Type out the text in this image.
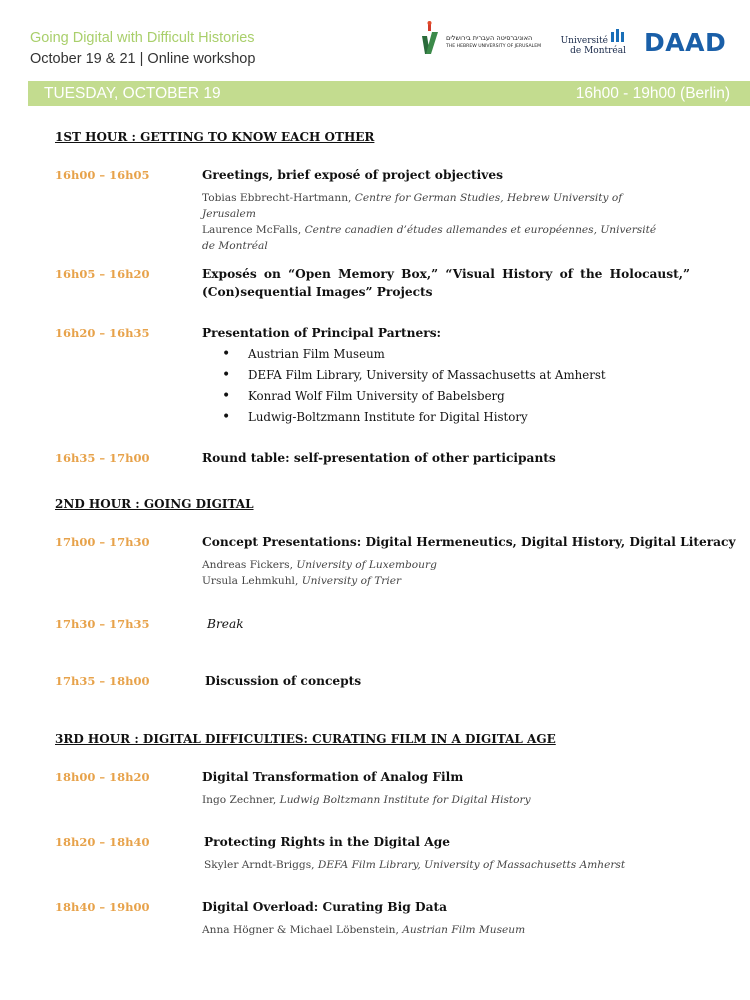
Going Digital with Difficult Histories
October 19 & 21 | Online workshop
האוניברסיטה העברית בירושלים
THE HEBREW UNIVERSITY OF JERUSALEM
Université
de Montréal DAAD
TUESDAY, OCTOBER 19	16h00 - 19h00 (Berlin)
1ST HOUR : GETTING TO KNOW EACH OTHER
16h00 – 16h05	Greetings, brief exposé of project objectives
Tobias Ebbrecht-Hartmann, Centre for German Studies, Hebrew University of Jerusalem
Laurence McFalls, Centre canadien d’études allemandes et européennes, Université de Montréal
16h05 – 16h20	Exposés on “Open Memory Box,” “Visual History of the Holocaust,” (Con)sequential Images” Projects
16h20 – 16h35	Presentation of Principal Partners:
• Austrian Film Museum
• DEFA Film Library, University of Massachusetts at Amherst
• Konrad Wolf Film University of Babelsberg
• Ludwig-Boltzmann Institute for Digital History
16h35 – 17h00	Round table: self-presentation of other participants
2ND HOUR : GOING DIGITAL
17h00 – 17h30	Concept Presentations: Digital Hermeneutics, Digital History, Digital Literacy
Andreas Fickers, University of Luxembourg
Ursula Lehmkuhl, University of Trier
17h30 – 17h35	Break
17h35 – 18h00	Discussion of concepts
3RD HOUR : DIGITAL DIFFICULTIES: CURATING FILM IN A DIGITAL AGE
18h00 – 18h20	Digital Transformation of Analog Film
Ingo Zechner, Ludwig Boltzmann Institute for Digital History
18h20 – 18h40	Protecting Rights in the Digital Age
Skyler Arndt-Briggs, DEFA Film Library, University of Massachusetts Amherst
18h40 – 19h00	Digital Overload: Curating Big Data
Anna Högner & Michael Löbenstein, Austrian Film Museum
